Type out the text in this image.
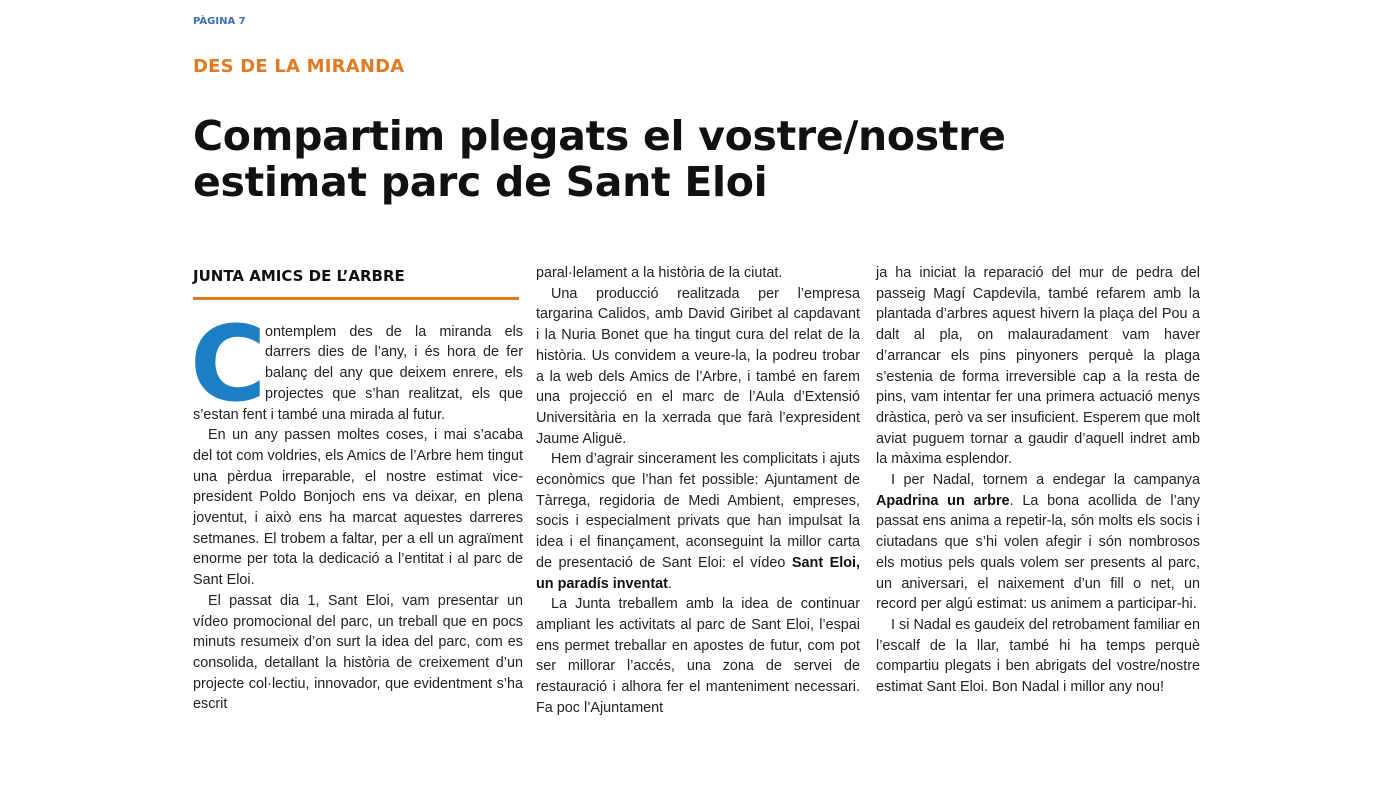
PÀGINA 7
DES DE LA MIRANDA
Compartim plegats el vostre/nostre estimat parc de Sant Eloi
JUNTA AMICS DE L’ARBRE

C
ontemplem des de la miranda els darrers dies de l’any, i és hora de fer balanç del any que deixem enrere, els projectes que s’han realitzat, els que s’estan fent i també una mirada al futur.

En un any passen moltes coses, i mai s’acaba del tot com voldries, els Amics de l’Arbre hem tingut una pèrdua irreparable, el nostre estimat vice-president Poldo Bonjoch ens va deixar, en plena joventut, i això ens ha marcat aquestes darreres setmanes. El trobem a faltar, per a ell un agraïment enorme per tota la dedicació a l’entitat i al parc de Sant Eloi.

El passat dia 1, Sant Eloi, vam presentar un vídeo promocional del parc, un treball que en pocs minuts resumeix d’on surt la idea del parc, com es consolida, detallant la història de creixement d’un projecte col·lectiu, innovador, que evidentment s’ha escrit

paral·lelament a la història de la ciutat.

Una producció realitzada per l’empresa targarina Calidos, amb David Giribet al capdavant i la Nuria Bonet que ha tingut cura del relat de la història. Us convidem a veure-la, la podreu trobar a la web dels Amics de l’Arbre, i també en farem una projecció en el marc de l’Aula d’Extensió Universitària en la xerrada que farà l’expresident Jaume Aliguë.

Hem d’agrair sincerament les complicitats i ajuts econòmics que l’han fet possible: Ajuntament de Tàrrega, regidoria de Medi Ambient, empreses, socis i especialment privats que han impulsat la idea i el finançament, aconseguint la millor carta de presentació de Sant Eloi: el vídeo Sant Eloi, un paradís inventat.

La Junta treballem amb la idea de continuar ampliant les activitats al parc de Sant Eloi, l’espai ens permet treballar en apostes de futur, com pot ser millorar l’accés, una zona de servei de restauració i alhora fer el manteniment necessari. Fa poc l’Ajuntament

ja ha iniciat la reparació del mur de pedra del passeig Magí Capdevila, també refarem amb la plantada d’arbres aquest hivern la plaça del Pou a dalt al pla, on malauradament vam haver d’arrancar els pins pinyoners perquè la plaga s’estenia de forma irreversible cap a la resta de pins, vam intentar fer una primera actuació menys dràstica, però va ser insuficient. Esperem que molt aviat puguem tornar a gaudir d’aquell indret amb la màxima esplendor.

I per Nadal, tornem a endegar la campanya Apadrina un arbre. La bona acollida de l’any passat ens anima a repetir-la, són molts els socis i ciutadans que s’hi volen afegir i són nombrosos els motius pels quals volem ser presents al parc, un aniversari, el naixement d’un fill o net, un record per algú estimat: us animem a participar-hi.

I si Nadal es gaudeix del retrobament familiar en l’escalf de la llar, també hi ha temps perquè compartiu plegats i ben abrigats del vostre/nostre estimat Sant Eloi. Bon Nadal i millor any nou!
